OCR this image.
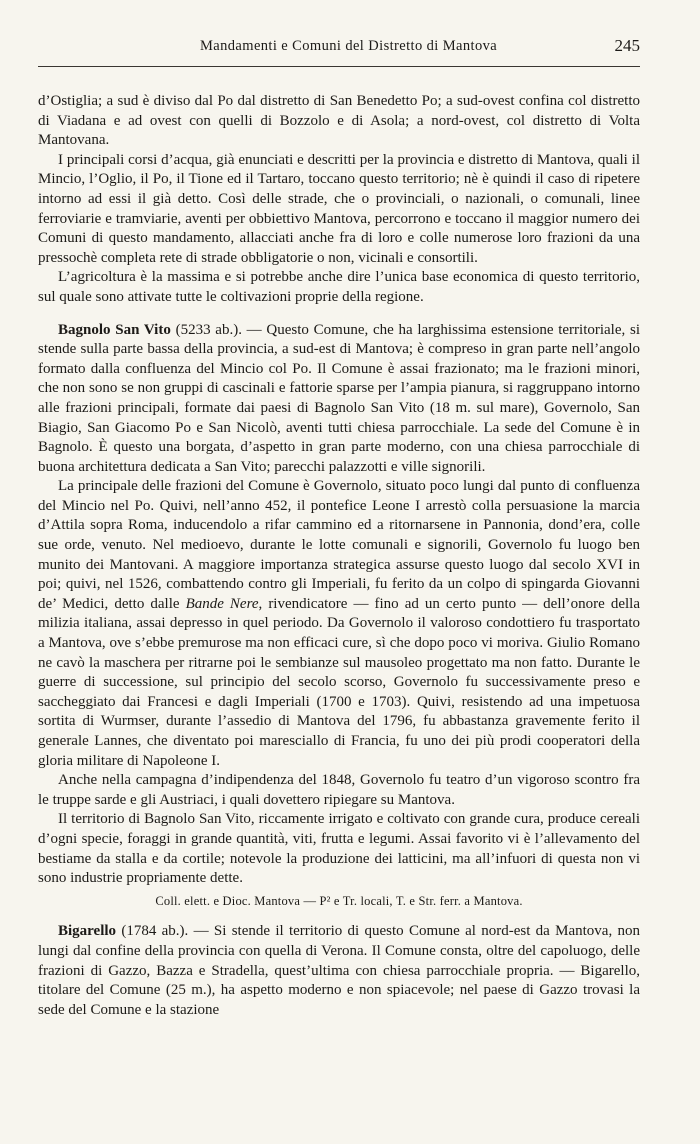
Mandamenti e Comuni del Distretto di Mantova	245

d’Ostiglia; a sud è diviso dal Po dal distretto di San Benedetto Po; a sud-ovest confina col distretto di Viadana e ad ovest con quelli di Bozzolo e di Asola; a nord-ovest, col distretto di Volta Mantovana.

I principali corsi d’acqua, già enunciati e descritti per la provincia e distretto di Mantova, quali il Mincio, l’Oglio, il Po, il Tione ed il Tartaro, toccano questo territorio; nè è quindi il caso di ripetere intorno ad essi il già detto. Così delle strade, che o provinciali, o nazionali, o comunali, linee ferroviarie e tramviarie, aventi per obbiettivo Mantova, percorrono e toccano il maggior numero dei Comuni di questo mandamento, allacciati anche fra di loro e colle numerose loro frazioni da una pressochè completa rete di strade obbligatorie o non, vicinali e consortili.

L’agricoltura è la massima e si potrebbe anche dire l’unica base economica di questo territorio, sul quale sono attivate tutte le coltivazioni proprie della regione.

Bagnolo San Vito (5233 ab.). — Questo Comune, che ha larghissima estensione territoriale, si stende sulla parte bassa della provincia, a sud-est di Mantova; è compreso in gran parte nell’angolo formato dalla confluenza del Mincio col Po. Il Comune è assai frazionato; ma le frazioni minori, che non sono se non gruppi di cascinali e fattorie sparse per l’ampia pianura, si raggruppano intorno alle frazioni principali, formate dai paesi di Bagnolo San Vito (18 m. sul mare), Governolo, San Biagio, San Giacomo Po e San Nicolò, aventi tutti chiesa parrocchiale. La sede del Comune è in Bagnolo. È questo una borgata, d’aspetto in gran parte moderno, con una chiesa parrocchiale di buona architettura dedicata a San Vito; parecchi palazzotti e ville signorili.

La principale delle frazioni del Comune è Governolo, situato poco lungi dal punto di confluenza del Mincio nel Po. Quivi, nell’anno 452, il pontefice Leone I arrestò colla persuasione la marcia d’Attila sopra Roma, inducendolo a rifar cammino ed a ritornarsene in Pannonia, dond’era, colle sue orde, venuto. Nel medioevo, durante le lotte comunali e signorili, Governolo fu luogo ben munito dei Mantovani. A maggiore importanza strategica assurse questo luogo dal secolo XVI in poi; quivi, nel 1526, combattendo contro gli Imperiali, fu ferito da un colpo di spingarda Giovanni de’ Medici, detto dalle Bande Nere, rivendicatore — fino ad un certo punto — dell’onore della milizia italiana, assai depresso in quel periodo. Da Governolo il valoroso condottiero fu trasportato a Mantova, ove s’ebbe premurose ma non efficaci cure, sì che dopo poco vi moriva. Giulio Romano ne cavò la maschera per ritrarne poi le sembianze sul mausoleo progettato ma non fatto. Durante le guerre di successione, sul principio del secolo scorso, Governolo fu successivamente preso e saccheggiato dai Francesi e dagli Imperiali (1700 e 1703). Quivi, resistendo ad una impetuosa sortita di Wurmser, durante l’assedio di Mantova del 1796, fu abbastanza gravemente ferito il generale Lannes, che diventato poi maresciallo di Francia, fu uno dei più prodi cooperatori della gloria militare di Napoleone I.

Anche nella campagna d’indipendenza del 1848, Governolo fu teatro d’un vigoroso scontro fra le truppe sarde e gli Austriaci, i quali dovettero ripiegare su Mantova.

Il territorio di Bagnolo San Vito, riccamente irrigato e coltivato con grande cura, produce cereali d’ogni specie, foraggi in grande quantità, viti, frutta e legumi. Assai favorito vi è l’allevamento del bestiame da stalla e da cortile; notevole la produzione dei latticini, ma all’infuori di questa non vi sono industrie propriamente dette.

Coll. elett. e Dioc. Mantova — P² e Tr. locali, T. e Str. ferr. a Mantova.

Bigarello (1784 ab.). — Si stende il territorio di questo Comune al nord-est da Mantova, non lungi dal confine della provincia con quella di Verona. Il Comune consta, oltre del capoluogo, delle frazioni di Gazzo, Bazza e Stradella, quest’ultima con chiesa parrocchiale propria. — Bigarello, titolare del Comune (25 m.), ha aspetto moderno e non spiacevole; nel paese di Gazzo trovasi la sede del Comune e la stazione
